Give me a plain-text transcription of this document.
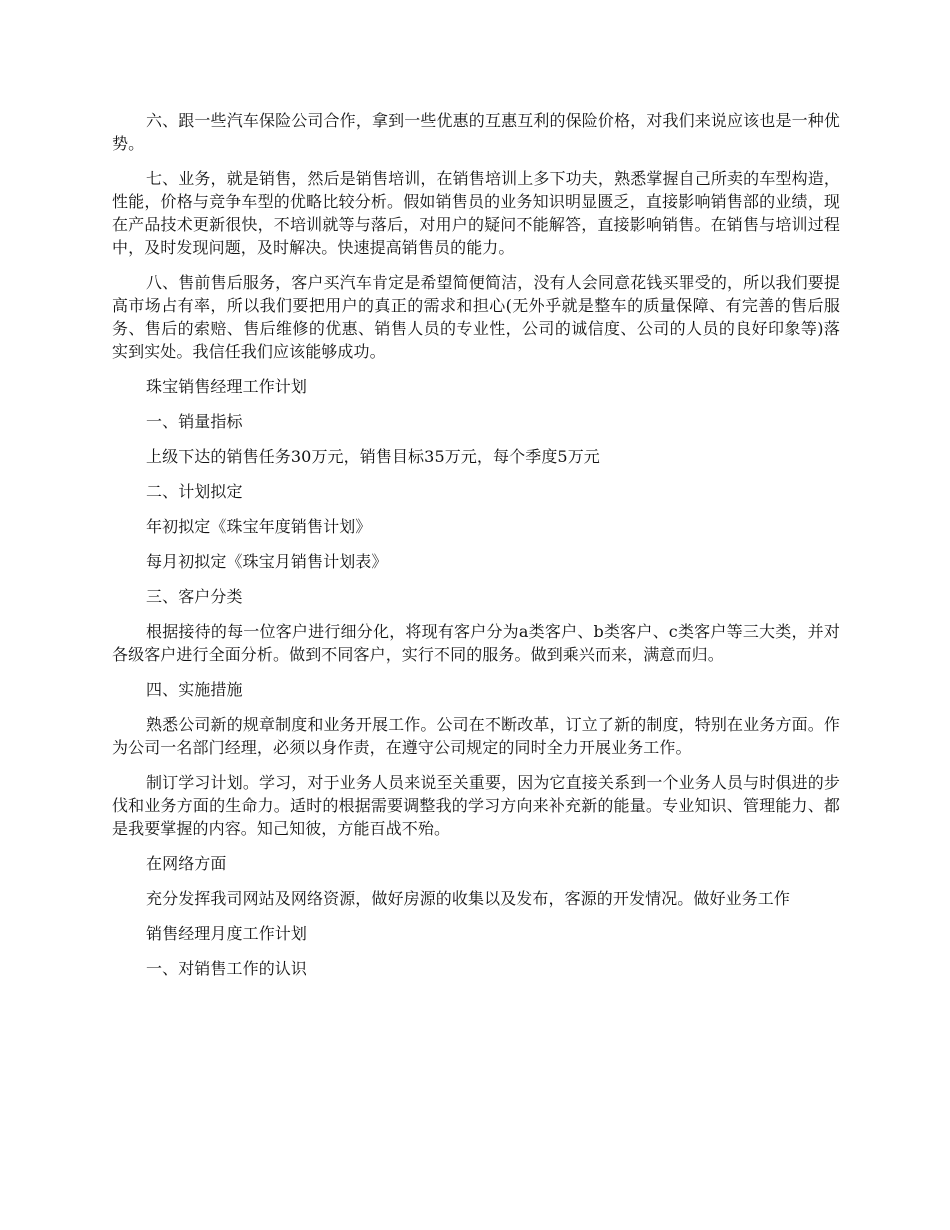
六、跟一些汽车保险公司合作，拿到一些优惠的互惠互利的保险价格，对我们来说应该也是一种优势。

七、业务，就是销售，然后是销售培训，在销售培训上多下功夫，熟悉掌握自己所卖的车型构造，性能，价格与竞争车型的优略比较分析。假如销售员的业务知识明显匮乏，直接影响销售部的业绩，现在产品技术更新很快，不培训就等与落后，对用户的疑问不能解答，直接影响销售。在销售与培训过程中，及时发现问题，及时解决。快速提高销售员的能力。

八、售前售后服务，客户买汽车肯定是希望简便简洁，没有人会同意花钱买罪受的，所以我们要提高市场占有率，所以我们要把用户的真正的需求和担心(无外乎就是整车的质量保障、有完善的售后服务、售后的索赔、售后维修的优惠、销售人员的专业性，公司的诚信度、公司的人员的良好印象等)落实到实处。我信任我们应该能够成功。

珠宝销售经理工作计划

一、销量指标

上级下达的销售任务30万元，销售目标35万元，每个季度5万元

二、计划拟定

年初拟定《珠宝年度销售计划》

每月初拟定《珠宝月销售计划表》

三、客户分类

根据接待的每一位客户进行细分化，将现有客户分为a类客户、b类客户、c类客户等三大类，并对各级客户进行全面分析。做到不同客户，实行不同的服务。做到乘兴而来，满意而归。

四、实施措施

熟悉公司新的规章制度和业务开展工作。公司在不断改革，订立了新的制度，特别在业务方面。作为公司一名部门经理，必须以身作责，在遵守公司规定的同时全力开展业务工作。

制订学习计划。学习，对于业务人员来说至关重要，因为它直接关系到一个业务人员与时俱进的步伐和业务方面的生命力。适时的根据需要调整我的学习方向来补充新的能量。专业知识、管理能力、都是我要掌握的内容。知己知彼，方能百战不殆。

在网络方面

充分发挥我司网站及网络资源，做好房源的收集以及发布，客源的开发情况。做好业务工作

销售经理月度工作计划

一、对销售工作的认识
